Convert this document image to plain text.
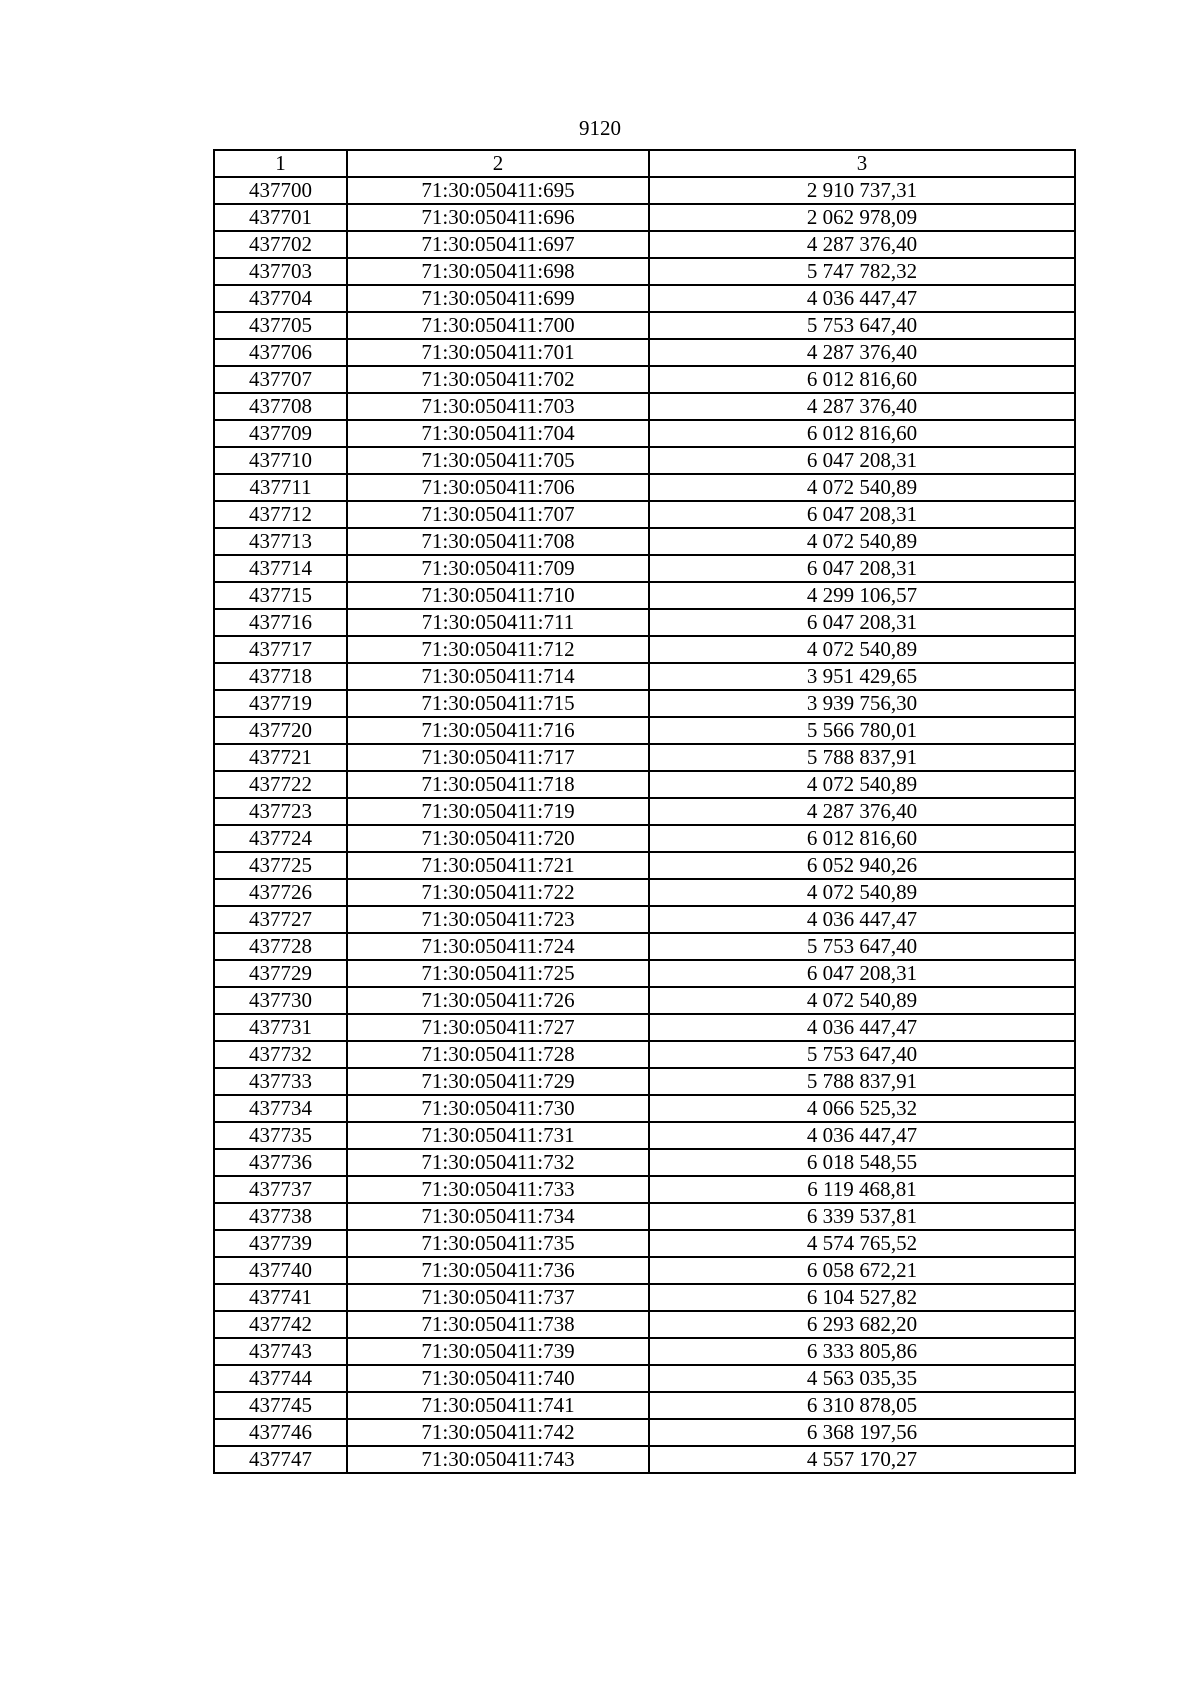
9120
1	2	3
437700	71:30:050411:695	2 910 737,31
437701	71:30:050411:696	2 062 978,09
437702	71:30:050411:697	4 287 376,40
437703	71:30:050411:698	5 747 782,32
437704	71:30:050411:699	4 036 447,47
437705	71:30:050411:700	5 753 647,40
437706	71:30:050411:701	4 287 376,40
437707	71:30:050411:702	6 012 816,60
437708	71:30:050411:703	4 287 376,40
437709	71:30:050411:704	6 012 816,60
437710	71:30:050411:705	6 047 208,31
437711	71:30:050411:706	4 072 540,89
437712	71:30:050411:707	6 047 208,31
437713	71:30:050411:708	4 072 540,89
437714	71:30:050411:709	6 047 208,31
437715	71:30:050411:710	4 299 106,57
437716	71:30:050411:711	6 047 208,31
437717	71:30:050411:712	4 072 540,89
437718	71:30:050411:714	3 951 429,65
437719	71:30:050411:715	3 939 756,30
437720	71:30:050411:716	5 566 780,01
437721	71:30:050411:717	5 788 837,91
437722	71:30:050411:718	4 072 540,89
437723	71:30:050411:719	4 287 376,40
437724	71:30:050411:720	6 012 816,60
437725	71:30:050411:721	6 052 940,26
437726	71:30:050411:722	4 072 540,89
437727	71:30:050411:723	4 036 447,47
437728	71:30:050411:724	5 753 647,40
437729	71:30:050411:725	6 047 208,31
437730	71:30:050411:726	4 072 540,89
437731	71:30:050411:727	4 036 447,47
437732	71:30:050411:728	5 753 647,40
437733	71:30:050411:729	5 788 837,91
437734	71:30:050411:730	4 066 525,32
437735	71:30:050411:731	4 036 447,47
437736	71:30:050411:732	6 018 548,55
437737	71:30:050411:733	6 119 468,81
437738	71:30:050411:734	6 339 537,81
437739	71:30:050411:735	4 574 765,52
437740	71:30:050411:736	6 058 672,21
437741	71:30:050411:737	6 104 527,82
437742	71:30:050411:738	6 293 682,20
437743	71:30:050411:739	6 333 805,86
437744	71:30:050411:740	4 563 035,35
437745	71:30:050411:741	6 310 878,05
437746	71:30:050411:742	6 368 197,56
437747	71:30:050411:743	4 557 170,27
